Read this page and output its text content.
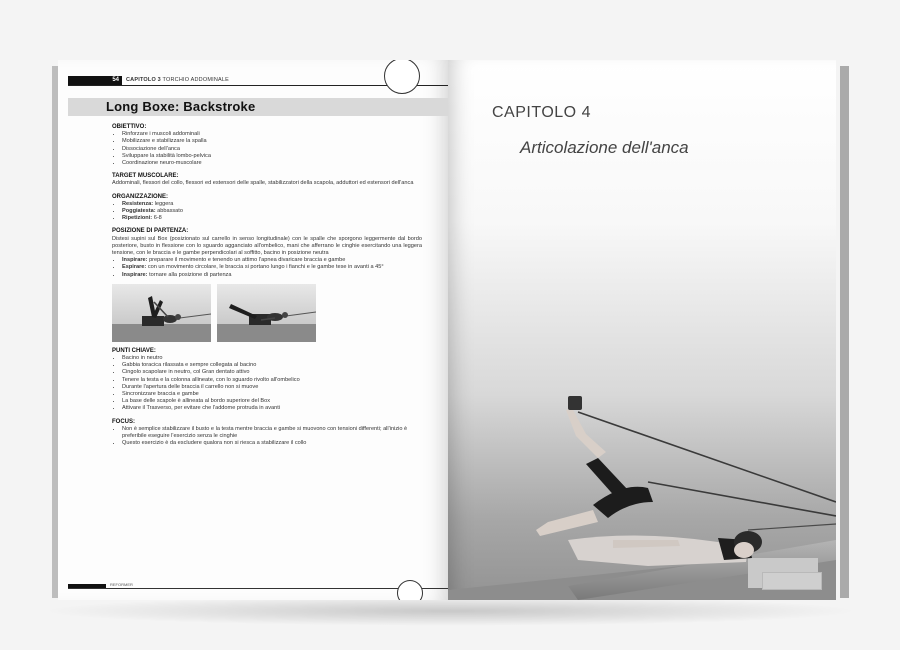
54	CAPITOLO 3 TORCHIO ADDOMINALE
Long Boxe: Backstroke
OBIETTIVO:
• Rinforzare i muscoli addominali
• Mobilizzare e stabilizzare la spalla
• Dissociazione dell'anca
• Sviluppare la stabilità lombo-pelvica
• Coordinazione neuro-muscolare
TARGET MUSCOLARE:

Addominali, flessori del collo, flessori ed estensori delle spalle, stabilizzatori della scapola, adduttori ed estensori dell'anca

ORGANIZZAZIONE:
• Resistenza: leggera
• Poggiatesta: abbassato
• Ripetizioni: 6-8
POSIZIONE DI PARTENZA:

Distesi supini sul Box (posizionato sul carrello in senso longitudinale) con le spalle che sporgono leggermente dal bordo posteriore, busto in flessione con lo sguardo agganciato all'ombelico, mani che afferrano le cinghie esercitando una leggera tensione, con le braccia e le gambe perpendicolari al soffitto, bacino in posizione neutra

• Inspirare: preparare il movimento e tenendo un attimo l'apnea divaricare braccia e gambe
• Espirare: con un movimento circolare, le braccia si portano lungo i fianchi e le gambe tese in avanti a 45°
• Inspirare: tornare alla posizione di partenza
PUNTI CHIAVE:
• Bacino in neutro
• Gabbia toracica rilassata e sempre collegata al bacino
• Cingolo scapolare in neutro, col Gran dentato attivo
• Tenere la testa e la colonna allineate, con lo sguardo rivolto all'ombelico
• Durante l'apertura delle braccia il carrello non si muove
• Sincronizzare braccia e gambe
• La base delle scapole è allineata al bordo superiore del Box
• Attivare il Trasverso, per evitare che l'addome protruda in avanti
FOCUS:
• Non è semplice stabilizzare il busto e la testa mentre braccia e gambe si muovono con tensioni differenti; all'inizio è preferibile eseguire l'esercizio senza le cinghie
• Questo esercizio è da escludere qualora non si riesca a stabilizzare il collo
REFORMER
CAPITOLO 4
Articolazione dell'anca
